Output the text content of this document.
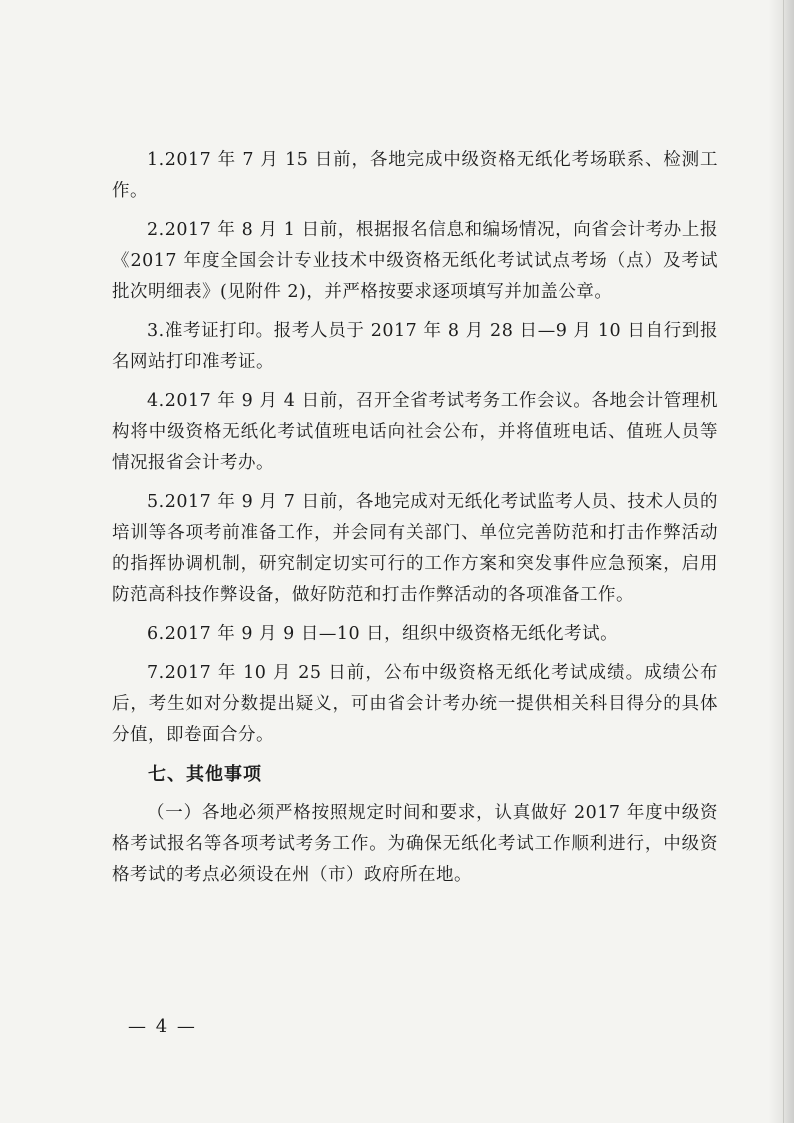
1.2017 年 7 月 15 日前，各地完成中级资格无纸化考场联系、检测工作。

2.2017 年 8 月 1 日前，根据报名信息和编场情况，向省会计考办上报《2017 年度全国会计专业技术中级资格无纸化考试试点考场（点）及考试批次明细表》(见附件 2)，并严格按要求逐项填写并加盖公章。

3.准考证打印。报考人员于 2017 年 8 月 28 日—9 月 10 日自行到报名网站打印准考证。

4.2017 年 9 月 4 日前，召开全省考试考务工作会议。各地会计管理机构将中级资格无纸化考试值班电话向社会公布，并将值班电话、值班人员等情况报省会计考办。

5.2017 年 9 月 7 日前，各地完成对无纸化考试监考人员、技术人员的培训等各项考前准备工作，并会同有关部门、单位完善防范和打击作弊活动的指挥协调机制，研究制定切实可行的工作方案和突发事件应急预案，启用防范高科技作弊设备，做好防范和打击作弊活动的各项准备工作。

6.2017 年 9 月 9 日—10 日，组织中级资格无纸化考试。

7.2017 年 10 月 25 日前，公布中级资格无纸化考试成绩。成绩公布后，考生如对分数提出疑义，可由省会计考办统一提供相关科目得分的具体分值，即卷面合分。

七、其他事项

（一）各地必须严格按照规定时间和要求，认真做好 2017 年度中级资格考试报名等各项考试考务工作。为确保无纸化考试工作顺利进行，中级资格考试的考点必须设在州（市）政府所在地。

— 4 —
